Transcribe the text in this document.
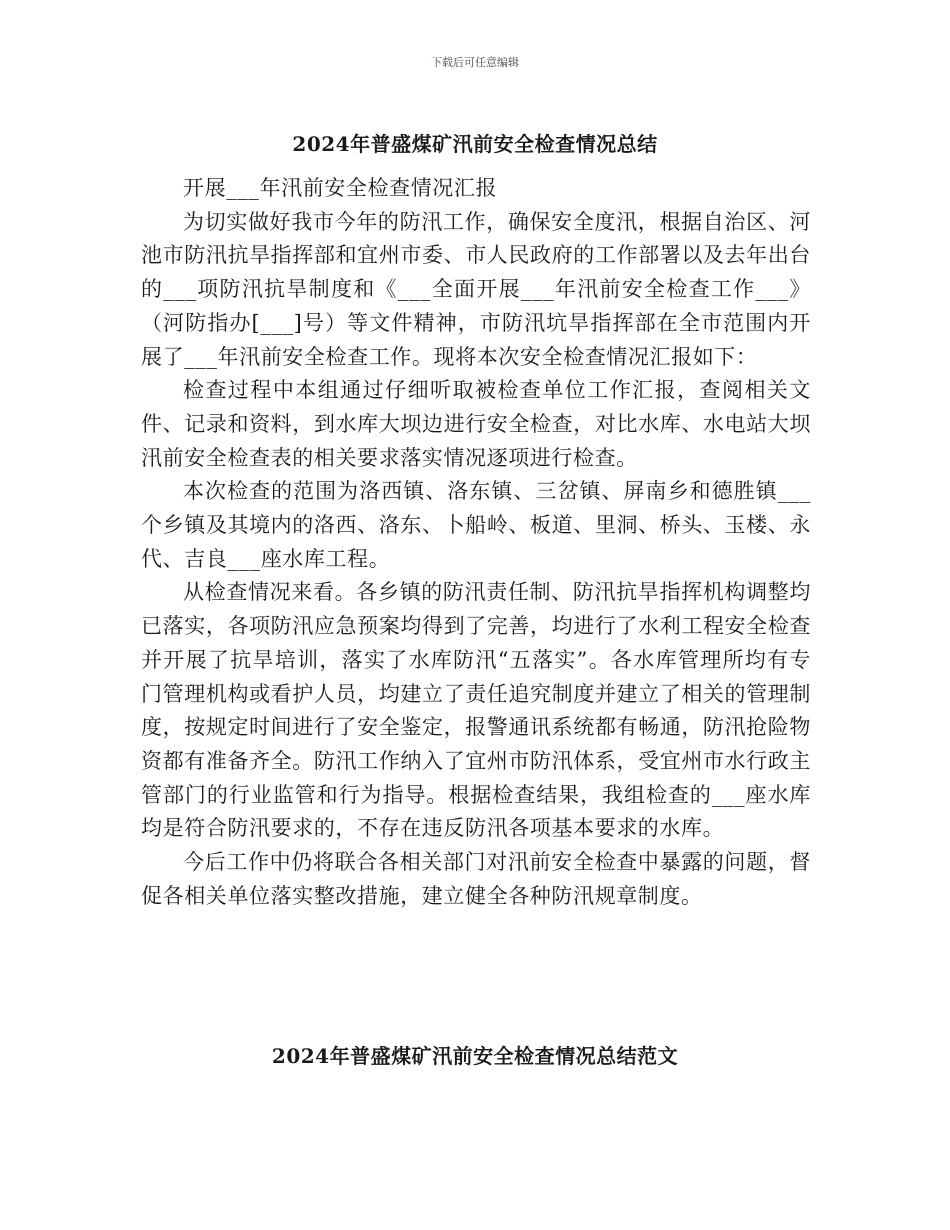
下载后可任意编辑
2024年普盛煤矿汛前安全检查情况总结

开展___年汛前安全检查情况汇报

为切实做好我市今年的防汛工作，确保安全度汛，根据自治区、河池市防汛抗旱指挥部和宜州市委、市人民政府的工作部署以及去年出台的___项防汛抗旱制度和《___全面开展___年汛前安全检查工作___》（河防指办[___]号）等文件精神，市防汛坑旱指挥部在全市范围内开展了___年汛前安全检查工作。现将本次安全检查情况汇报如下：

检查过程中本组通过仔细听取被检查单位工作汇报，查阅相关文件、记录和资料，到水库大坝边进行安全检查，对比水库、水电站大坝汛前安全检查表的相关要求落实情况逐项进行检查。

本次检查的范围为洛西镇、洛东镇、三岔镇、屏南乡和德胜镇___个乡镇及其境内的洛西、洛东、卜船岭、板道、里洞、桥头、玉楼、永代、吉良___座水库工程。

从检查情况来看。各乡镇的防汛责任制、防汛抗旱指挥机构调整均已落实，各项防汛应急预案均得到了完善，均进行了水利工程安全检查并开展了抗旱培训，落实了水库防汛“五落实”。各水库管理所均有专门管理机构或看护人员，均建立了责任追究制度并建立了相关的管理制度，按规定时间进行了安全鉴定，报警通讯系统都有畅通，防汛抢险物资都有准备齐全。防汛工作纳入了宜州市防汛体系，受宜州市水行政主管部门的行业监管和行为指导。根据检查结果，我组检查的___座水库均是符合防汛要求的，不存在违反防汛各项基本要求的水库。

今后工作中仍将联合各相关部门对汛前安全检查中暴露的问题，督促各相关单位落实整改措施，建立健全各种防汛规章制度。

2024年普盛煤矿汛前安全检查情况总结范文
